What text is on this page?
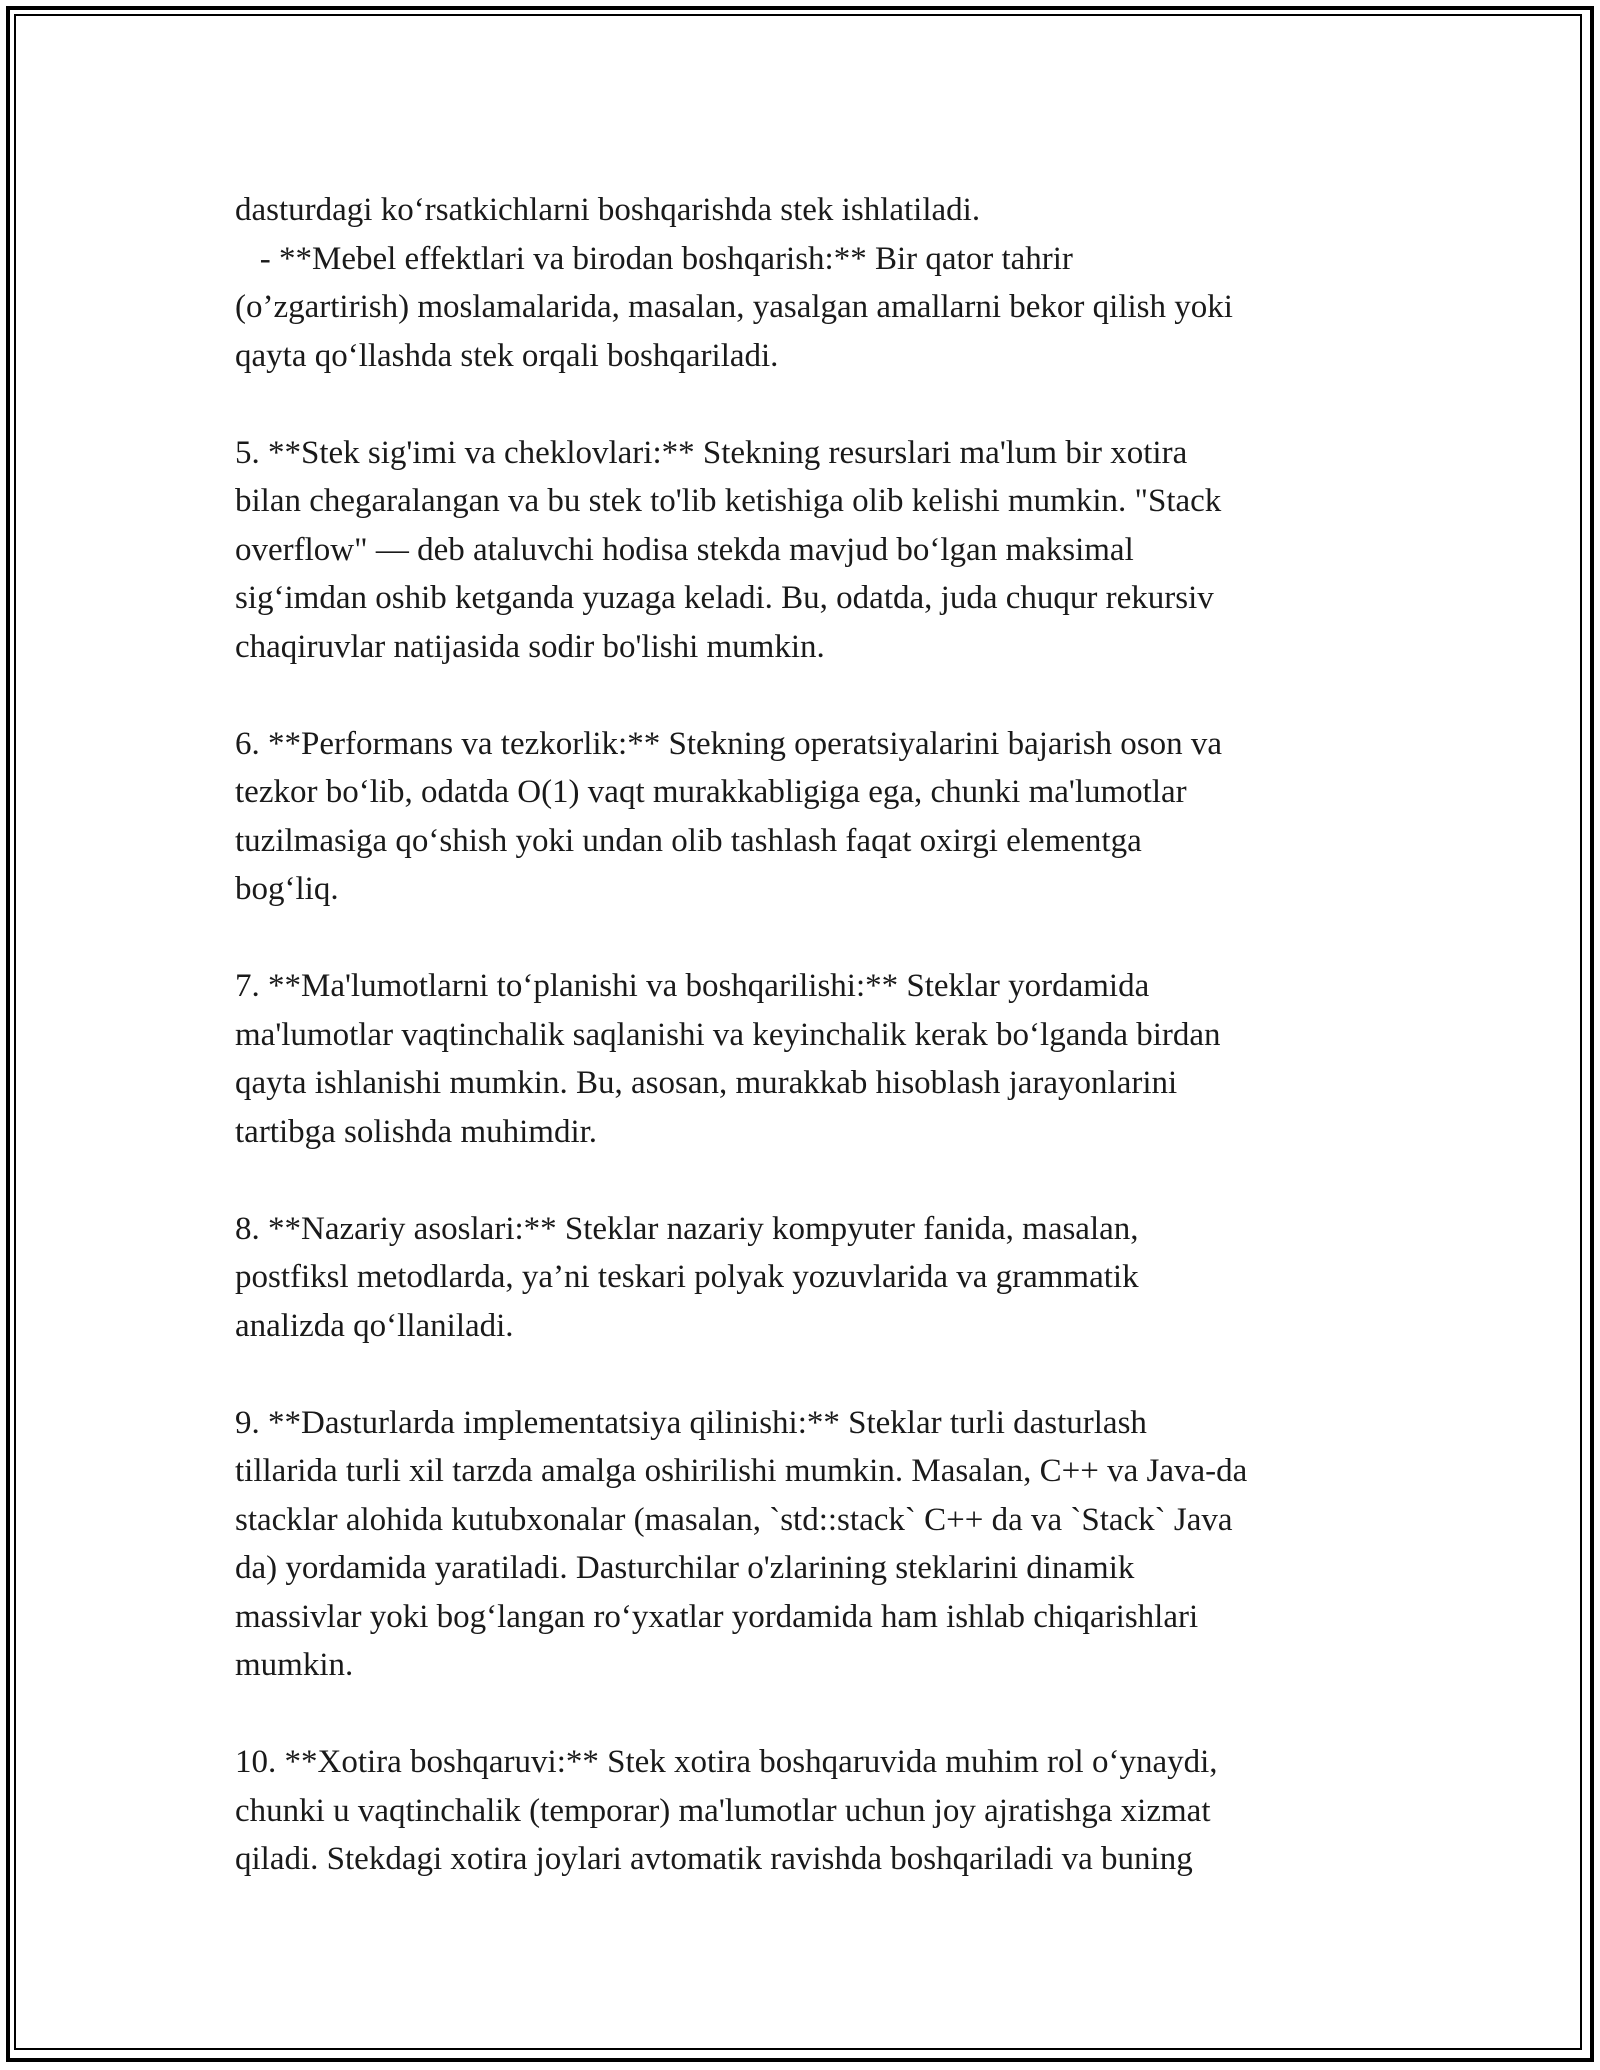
dasturdagi koʻrsatkichlarni boshqarishda stek ishlatiladi.
- **Mebel effektlari va birodan boshqarish:** Bir qator tahrir
(o’zgartirish) moslamalarida, masalan, yasalgan amallarni bekor qilish yoki
qayta qoʻllashda stek orqali boshqariladi.

5. **Stek sig'imi va cheklovlari:** Stekning resurslari ma'lum bir xotira
bilan chegaralangan va bu stek to'lib ketishiga olib kelishi mumkin. "Stack
overflow" — deb ataluvchi hodisa stekda mavjud boʻlgan maksimal
sigʻimdan oshib ketganda yuzaga keladi. Bu, odatda, juda chuqur rekursiv
chaqiruvlar natijasida sodir bo'lishi mumkin.

6. **Performans va tezkorlik:** Stekning operatsiyalarini bajarish oson va
tezkor boʻlib, odatda O(1) vaqt murakkabligiga ega, chunki ma'lumotlar
tuzilmasiga qoʻshish yoki undan olib tashlash faqat oxirgi elementga
bogʻliq.

7. **Ma'lumotlarni toʻplanishi va boshqarilishi:** Steklar yordamida
ma'lumotlar vaqtinchalik saqlanishi va keyinchalik kerak boʻlganda birdan
qayta ishlanishi mumkin. Bu, asosan, murakkab hisoblash jarayonlarini
tartibga solishda muhimdir.

8. **Nazariy asoslari:** Steklar nazariy kompyuter fanida, masalan,
postfiksl metodlarda, ya’ni teskari polyak yozuvlarida va grammatik
analizda qoʻllaniladi.

9. **Dasturlarda implementatsiya qilinishi:** Steklar turli dasturlash
tillarida turli xil tarzda amalga oshirilishi mumkin. Masalan, C++ va Java-da
stacklar alohida kutubxonalar (masalan, `std::stack` C++ da va `Stack` Java
da) yordamida yaratiladi. Dasturchilar o'zlarining steklarini dinamik
massivlar yoki bogʻlangan roʻyxatlar yordamida ham ishlab chiqarishlari
mumkin.

10. **Xotira boshqaruvi:** Stek xotira boshqaruvida muhim rol oʻynaydi,
chunki u vaqtinchalik (temporar) ma'lumotlar uchun joy ajratishga xizmat
qiladi. Stekdagi xotira joylari avtomatik ravishda boshqariladi va buning
